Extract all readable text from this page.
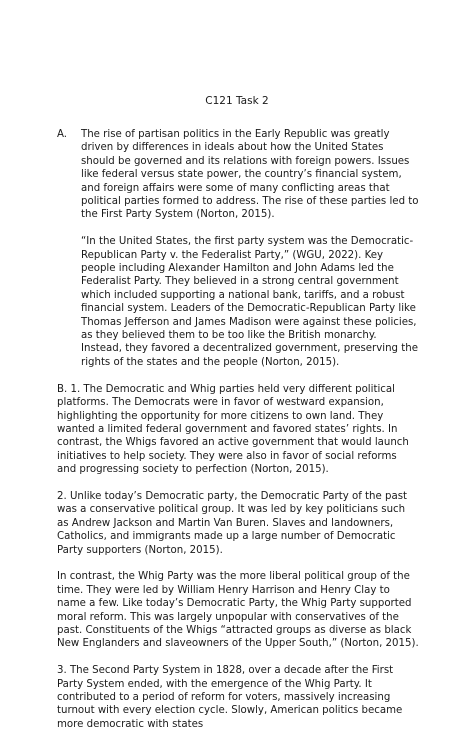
C121 Task 2

A. The rise of partisan politics in the Early Republic was greatly driven by differences in ideals about how the United States should be governed and its relations with foreign powers. Issues like federal versus state power, the country’s financial system, and foreign affairs were some of many conflicting areas that political parties formed to address. The rise of these parties led to the First Party System (Norton, 2015).

“In the United States, the first party system was the Democratic-Republican Party v. the Federalist Party,” (WGU, 2022). Key people including Alexander Hamilton and John Adams led the Federalist Party. They believed in a strong central government which included supporting a national bank, tariffs, and a robust financial system. Leaders of the Democratic-Republican Party like Thomas Jefferson and James Madison were against these policies, as they believed them to be too like the British monarchy. Instead, they favored a decentralized government, preserving the rights of the states and the people (Norton, 2015).

B. 1. The Democratic and Whig parties held very different political platforms. The Democrats were in favor of westward expansion, highlighting the opportunity for more citizens to own land. They wanted a limited federal government and favored states’ rights. In contrast, the Whigs favored an active government that would launch initiatives to help society. They were also in favor of social reforms and progressing society to perfection (Norton, 2015).

2. Unlike today’s Democratic party, the Democratic Party of the past was a conservative political group. It was led by key politicians such as Andrew Jackson and Martin Van Buren. Slaves and landowners, Catholics, and immigrants made up a large number of Democratic Party supporters (Norton, 2015).

In contrast, the Whig Party was the more liberal political group of the time. They were led by William Henry Harrison and Henry Clay to name a few. Like today’s Democratic Party, the Whig Party supported moral reform. This was largely unpopular with conservatives of the past. Constituents of the Whigs “attracted groups as diverse as black New Englanders and slaveowners of the Upper South,” (Norton, 2015).

3. The Second Party System in 1828, over a decade after the First Party System ended, with the emergence of the Whig Party. It contributed to a period of reform for voters, massively increasing turnout with every election cycle. Slowly, American politics became more democratic with states
